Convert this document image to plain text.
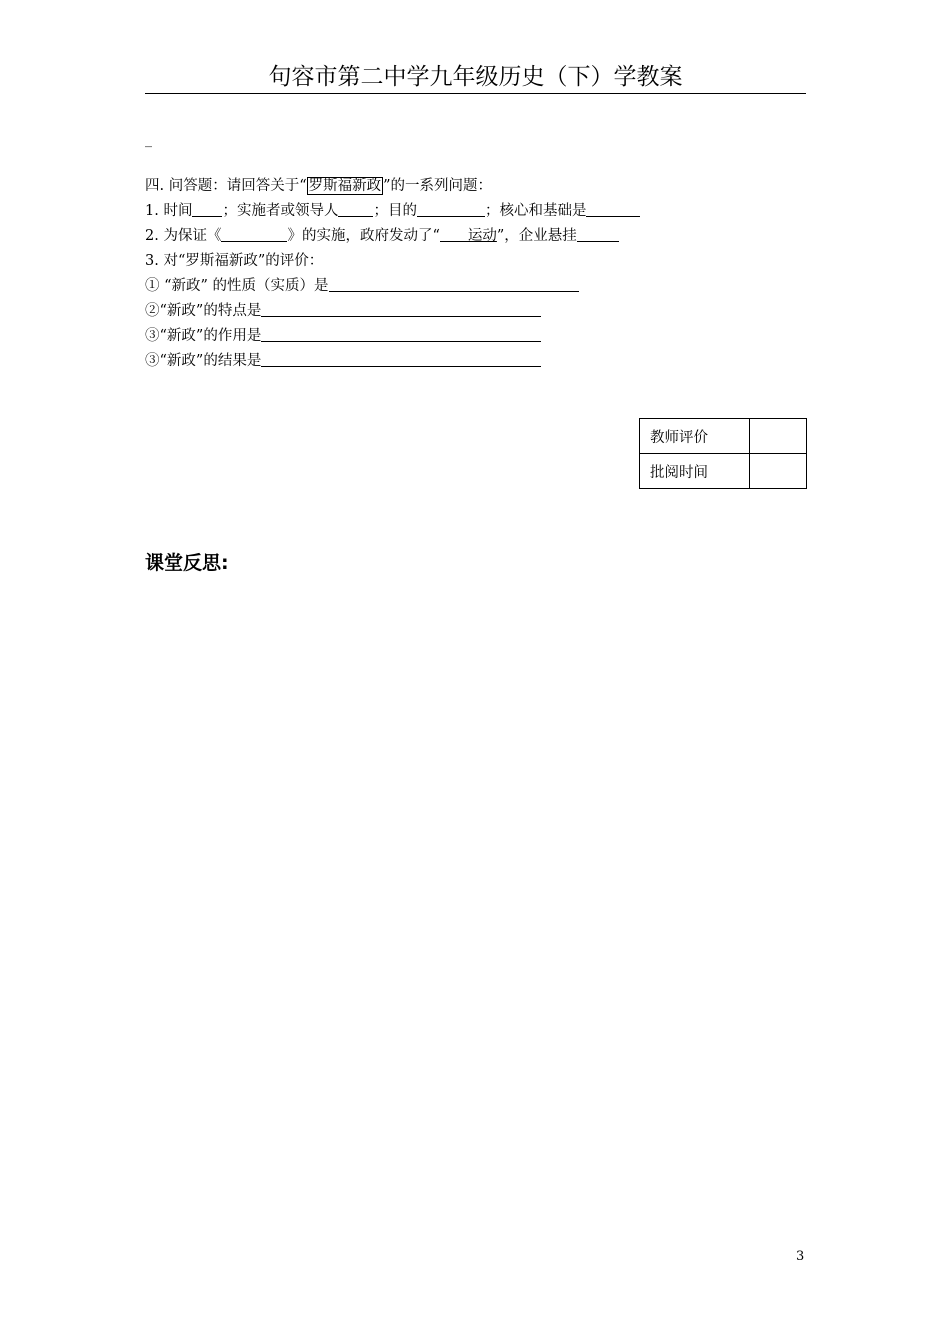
句容市第二中学九年级历史（下）学教案
_
四. 问答题：请回答关于“ 罗斯福新政 ”的一系列问题：
1. 时间 ；实施者或领导人 ；目的	；核心和基础是
2. 为保证《	》的实施，政府发动了“ 运动”，企业悬挂
3. 对“罗斯福新政”的评价：
① “新政” 的性质（实质）是
②“新政”的特点是
③“新政”的作用是
③“新政”的结果是
教师评价	
批阅时间	
课堂反思:
3
